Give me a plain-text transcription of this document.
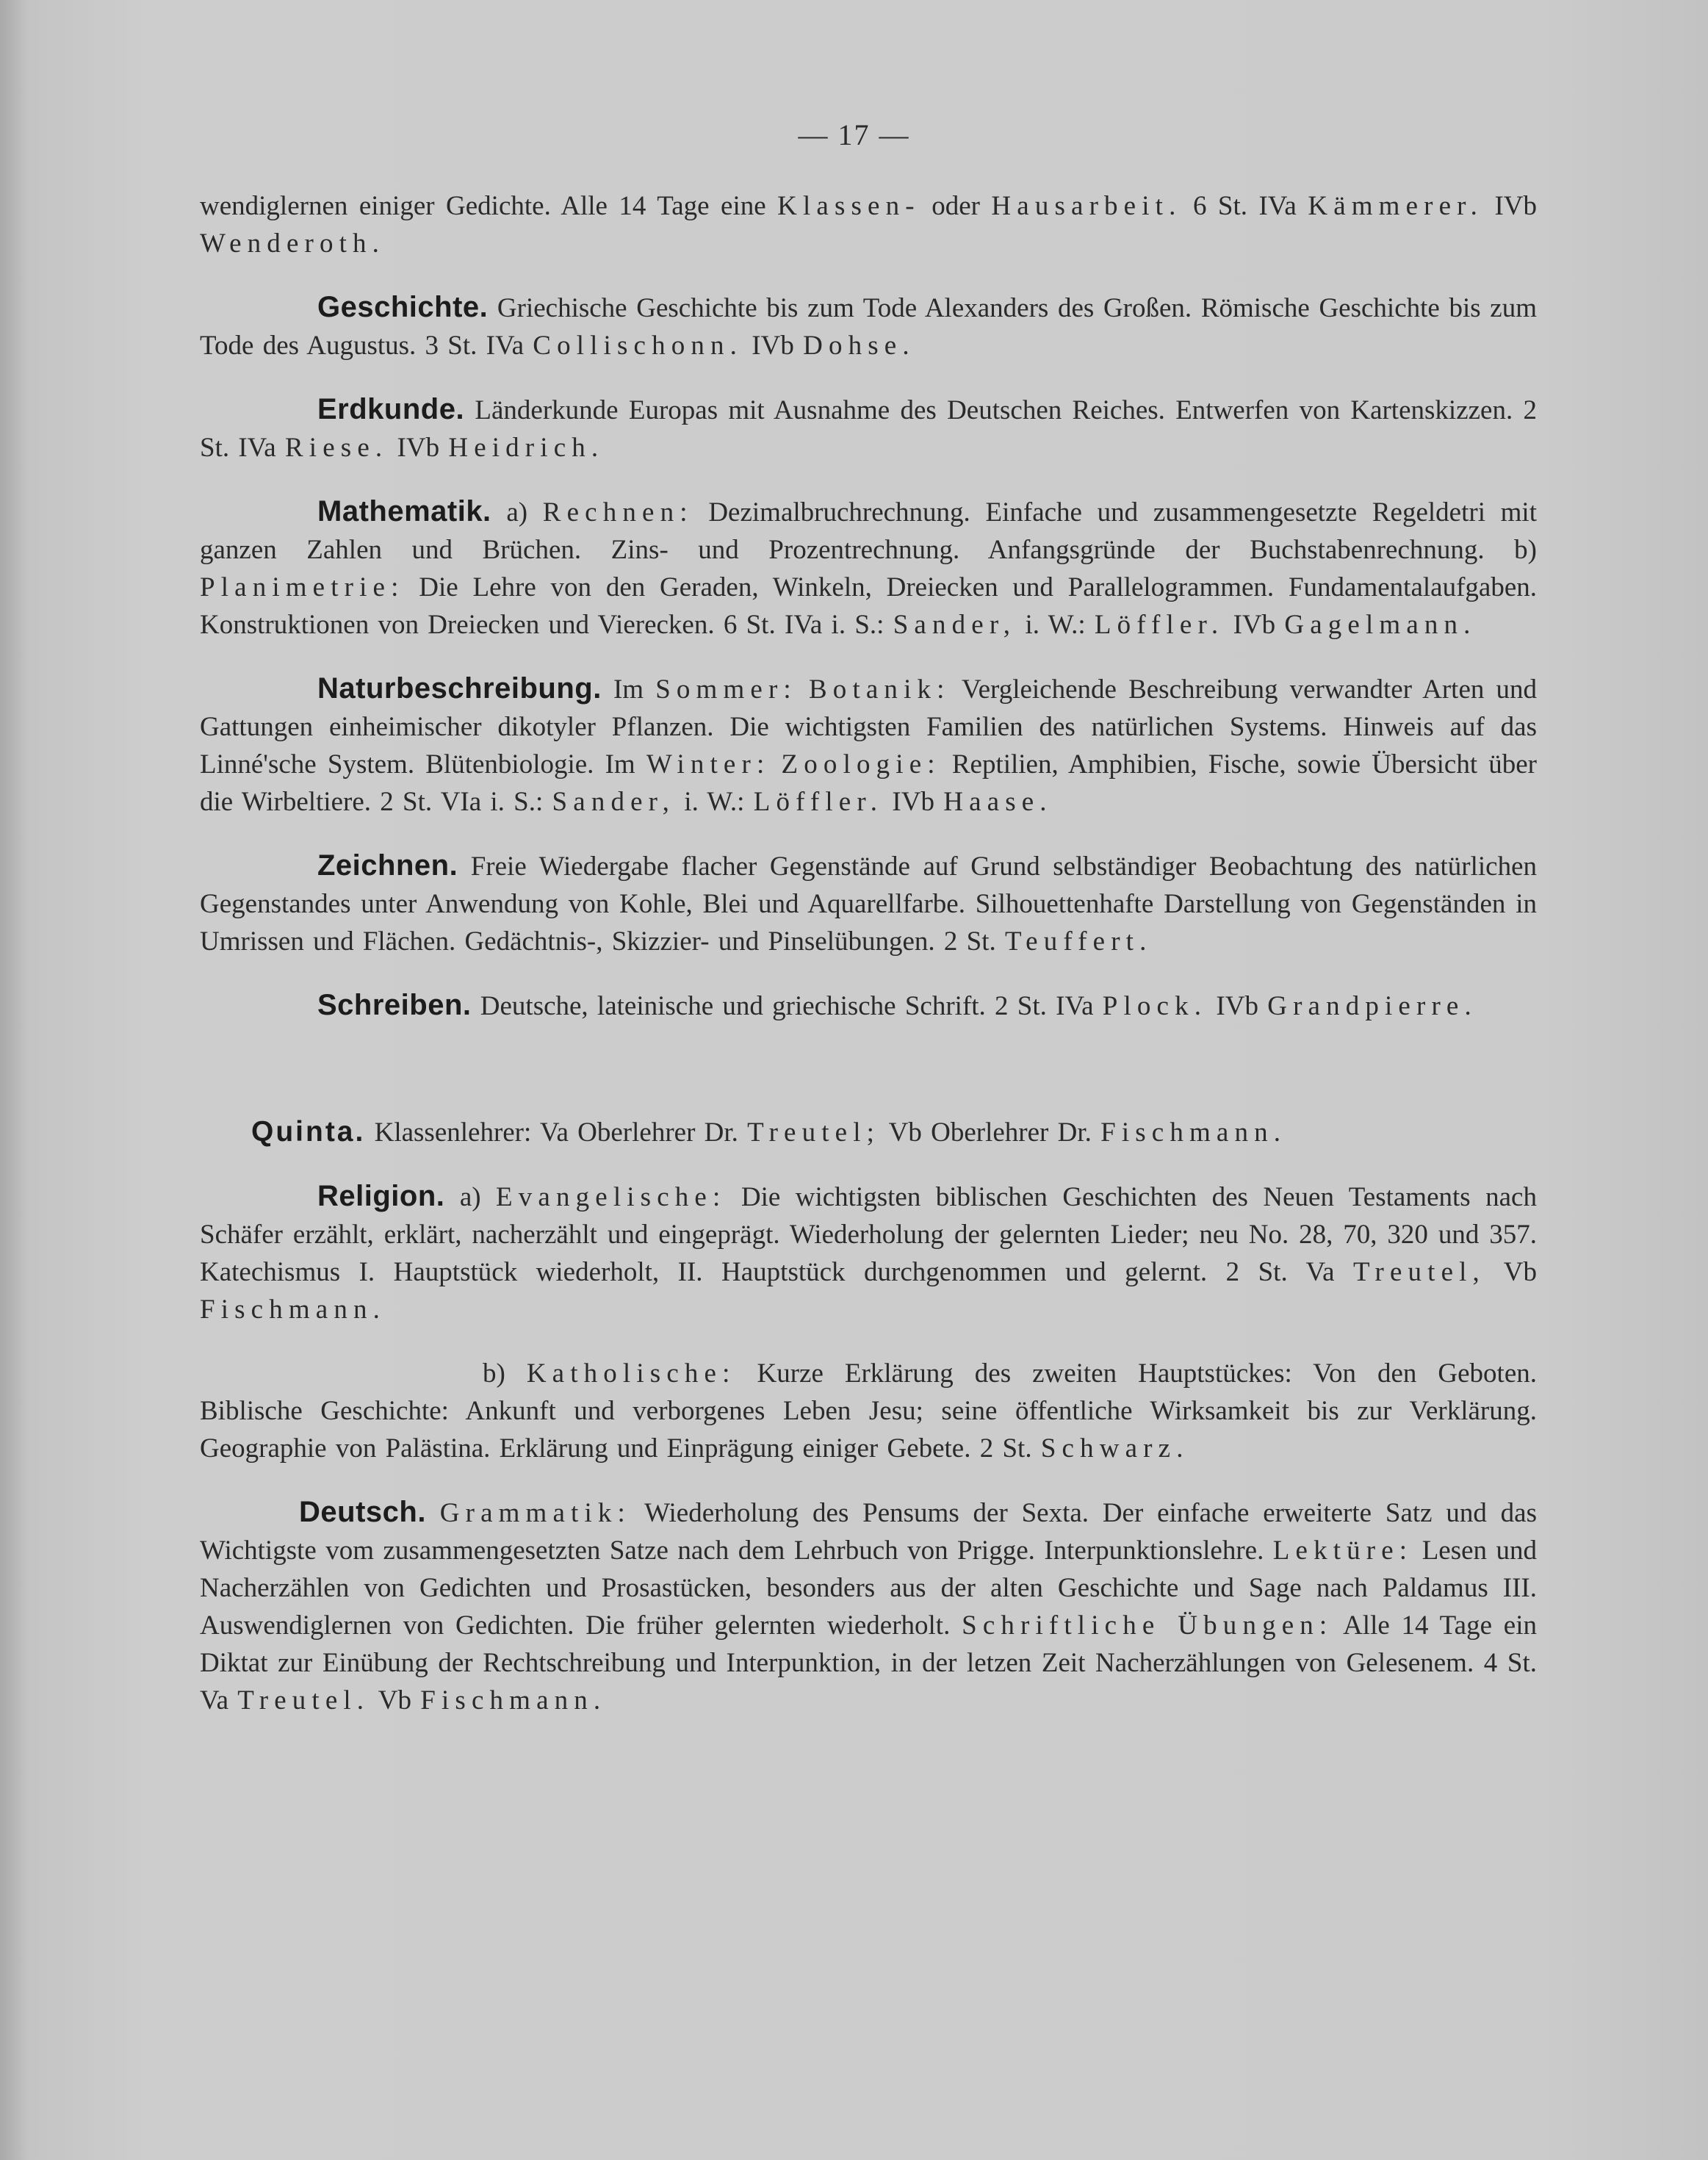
— 17 —

wendiglernen einiger Gedichte. Alle 14 Tage eine Klassen- oder Hausarbeit. 6 St. IVa Kämmerer. IVb Wenderoth.

Geschichte. Griechische Geschichte bis zum Tode Alexanders des Großen. Römische Geschichte bis zum Tode des Augustus. 3 St. IVa Collischonn. IVb Dohse.

Erdkunde. Länderkunde Europas mit Ausnahme des Deutschen Reiches. Entwerfen von Kartenskizzen. 2 St. IVa Riese. IVb Heidrich.

Mathematik. a) Rechnen: Dezimalbruchrechnung. Einfache und zusammengesetzte Regeldetri mit ganzen Zahlen und Brüchen. Zins- und Prozentrechnung. Anfangsgründe der Buchstabenrechnung. b) Planimetrie: Die Lehre von den Geraden, Winkeln, Dreiecken und Parallelogrammen. Fundamentalaufgaben. Konstruktionen von Dreiecken und Vierecken. 6 St. IVa i. S.: Sander, i. W.: Löffler. IVb Gagelmann.

Naturbeschreibung. Im Sommer: Botanik: Vergleichende Beschreibung verwandter Arten und Gattungen einheimischer dikotyler Pflanzen. Die wichtigsten Familien des natürlichen Systems. Hinweis auf das Linné'sche System. Blütenbiologie. Im Winter: Zoologie: Reptilien, Amphibien, Fische, sowie Übersicht über die Wirbeltiere. 2 St. VIa i. S.: Sander, i. W.: Löffler. IVb Haase.

Zeichnen. Freie Wiedergabe flacher Gegenstände auf Grund selbständiger Beobachtung des natürlichen Gegenstandes unter Anwendung von Kohle, Blei und Aquarellfarbe. Silhouettenhafte Darstellung von Gegenständen in Umrissen und Flächen. Gedächtnis-, Skizzier- und Pinselübungen. 2 St. Teuffert.

Schreiben. Deutsche, lateinische und griechische Schrift. 2 St. IVa Plock. IVb Grandpierre.

Quinta. Klassenlehrer: Va Oberlehrer Dr. Treutel; Vb Oberlehrer Dr. Fischmann.

Religion. a) Evangelische: Die wichtigsten biblischen Geschichten des Neuen Testaments nach Schäfer erzählt, erklärt, nacherzählt und eingeprägt. Wiederholung der gelernten Lieder; neu No. 28, 70, 320 und 357. Katechismus I. Hauptstück wiederholt, II. Hauptstück durchgenommen und gelernt. 2 St. Va Treutel, Vb Fischmann.

b) Katholische: Kurze Erklärung des zweiten Hauptstückes: Von den Geboten. Biblische Geschichte: Ankunft und verborgenes Leben Jesu; seine öffentliche Wirksamkeit bis zur Verklärung. Geographie von Palästina. Erklärung und Einprägung einiger Gebete. 2 St. Schwarz.

Deutsch. Grammatik: Wiederholung des Pensums der Sexta. Der einfache erweiterte Satz und das Wichtigste vom zusammengesetzten Satze nach dem Lehrbuch von Prigge. Interpunktionslehre. Lektüre: Lesen und Nacherzählen von Gedichten und Prosastücken, besonders aus der alten Geschichte und Sage nach Paldamus III. Auswendiglernen von Gedichten. Die früher gelernten wiederholt. Schriftliche Übungen: Alle 14 Tage ein Diktat zur Einübung der Rechtschreibung und Interpunktion, in der letzen Zeit Nacherzählungen von Gelesenem. 4 St. Va Treutel. Vb Fischmann.
